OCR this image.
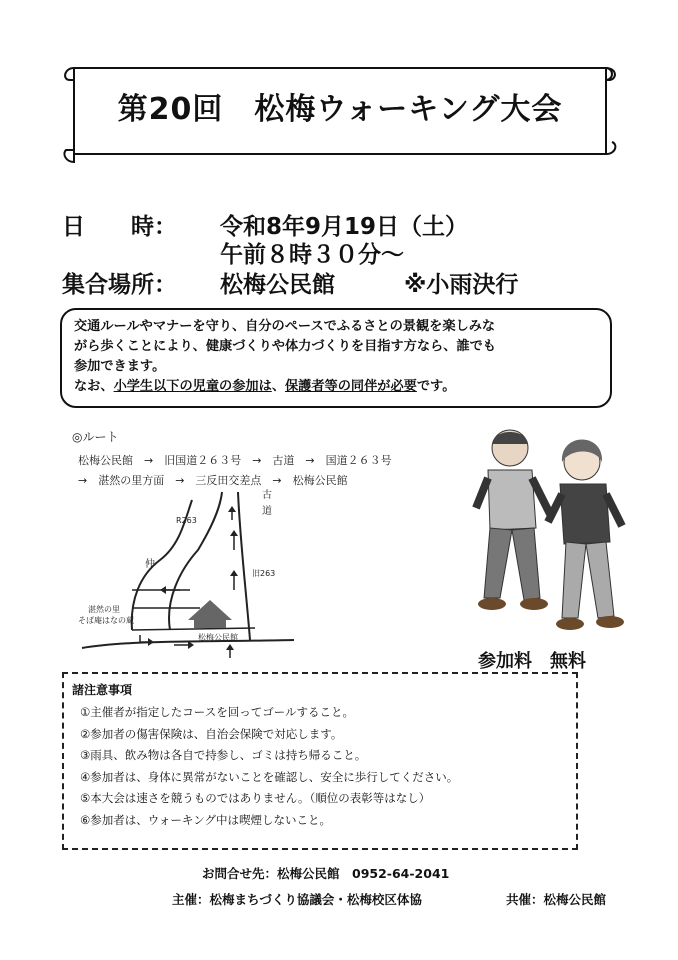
第20回　松梅ウォーキング大会
日　　時： 令和8年9月19日（土）
午前８時３０分～
集合場所： 松梅公民館	※小雨決行

交通ルールやマナーを守り、自分のペースでふるさとの景観を楽しみな

がら歩くことにより、健康づくりや体力づくりを目指す方なら、誰でも

参加できます。

なお、小学生以下の児童の参加は、保護者等の同伴が必要です。

◎ルート
松梅公民館　→　旧国道２６３号　→　古道　→　国道２６３号
→　湛然の里方面　→　三反田交差点　→　松梅公民館
R263
旧263
仲
古
道
湛然の里
そば庵はなの蔵
松梅公民館
参加料　無料
諸注意事項
①主催者が指定したコースを回ってゴールすること。
②参加者の傷害保険は、自治会保険で対応します。
③雨具、飲み物は各自で持参し、ゴミは持ち帰ること。
④参加者は、身体に異常がないことを確認し、安全に歩行してください。
⑤本大会は速さを競うものではありません。（順位の表彰等はなし）
⑥参加者は、ウォーキング中は喫煙しないこと。
お問合せ先：松梅公民館　0952-64-2041
主催：松梅まちづくり協議会・松梅校区体協	共催：松梅公民館
